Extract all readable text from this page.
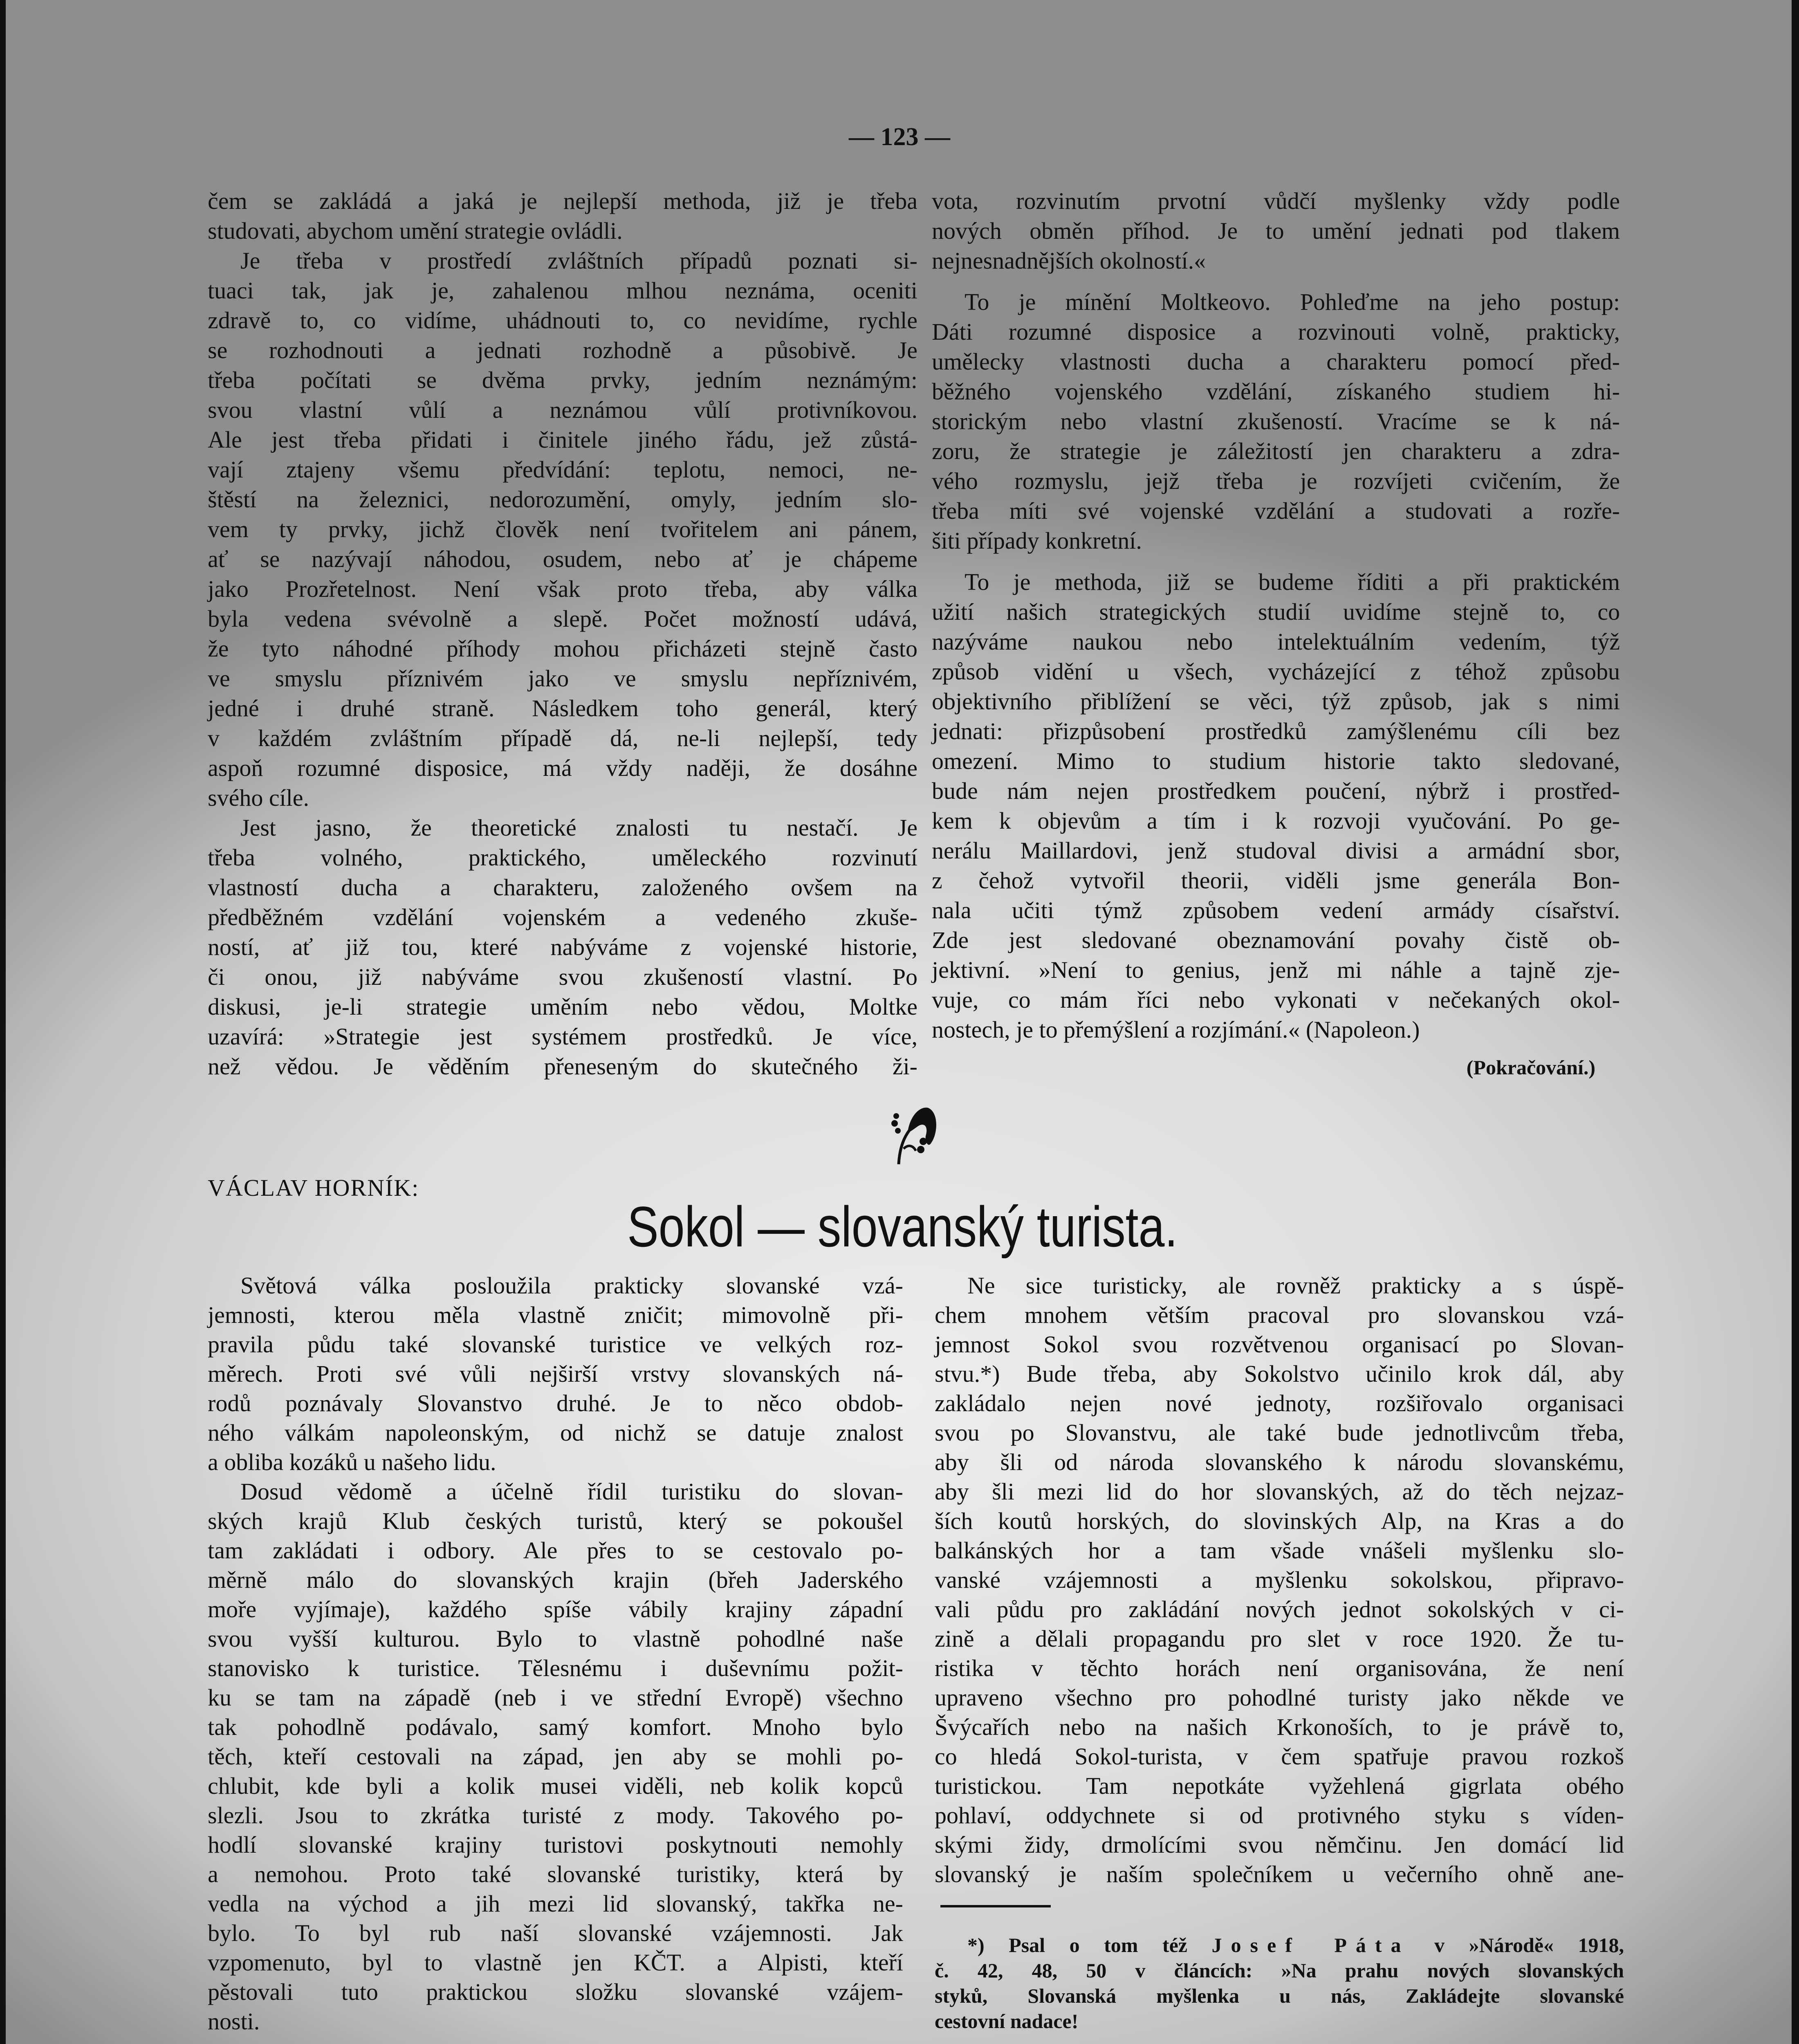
— 123 —
čem se zakládá a jaká je nejlepší methoda, již je třeba
studovati, abychom umění strategie ovládli.
Je třeba v prostředí zvláštních případů poznati si-
tuaci tak, jak je, zahalenou mlhou neznáma, oceniti
zdravě to, co vidíme, uhádnouti to, co nevidíme, rychle
se rozhodnouti a jednati rozhodně a působivě. Je
třeba počítati se dvěma prvky, jedním neznámým:
svou vlastní vůlí a neznámou vůlí protivníkovou.
Ale jest třeba přidati i činitele jiného řádu, jež zůstá-
vají ztajeny všemu předvídání: teplotu, nemoci, ne-
štěstí na železnici, nedorozumění, omyly, jedním slo-
vem ty prvky, jichž člověk není tvořitelem ani pánem,
ať se nazývají náhodou, osudem, nebo ať je chápeme
jako Prozřetelnost. Není však proto třeba, aby válka
byla vedena svévolně a slepě. Počet možností udává,
že tyto náhodné příhody mohou přicházeti stejně často
ve smyslu příznivém jako ve smyslu nepříznivém,
jedné i druhé straně. Následkem toho generál, který
v každém zvláštním případě dá, ne-li nejlepší, tedy
aspoň rozumné disposice, má vždy naději, že dosáhne
svého cíle.
Jest jasno, že theoretické znalosti tu nestačí. Je
třeba volného, praktického, uměleckého rozvinutí
vlastností ducha a charakteru, založeného ovšem na
předběžném vzdělání vojenském a vedeného zkuše-
ností, ať již tou, které nabýváme z vojenské historie,
či onou, již nabýváme svou zkušeností vlastní. Po
diskusi, je-li strategie uměním nebo vědou, Moltke
uzavírá: »Strategie jest systémem prostředků. Je více,
než vědou. Je věděním přeneseným do skutečného ži-
vota, rozvinutím prvotní vůdčí myšlenky vždy podle
nových obměn příhod. Je to umění jednati pod tlakem
nejnesnadnějších okolností.«
To je mínění Moltkeovo. Pohleďme na jeho postup:
Dáti rozumné disposice a rozvinouti volně, prakticky,
umělecky vlastnosti ducha a charakteru pomocí před-
běžného vojenského vzdělání, získaného studiem hi-
storickým nebo vlastní zkušeností. Vracíme se k ná-
zoru, že strategie je záležitostí jen charakteru a zdra-
vého rozmyslu, jejž třeba je rozvíjeti cvičením, že
třeba míti své vojenské vzdělání a studovati a rozře-
šiti případy konkretní.
To je methoda, již se budeme říditi a při praktickém
užití našich strategických studií uvidíme stejně to, co
nazýváme naukou nebo intelektuálním vedením, týž
způsob vidění u všech, vycházející z téhož způsobu
objektivního přiblížení se věci, týž způsob, jak s nimi
jednati: přizpůsobení prostředků zamýšlenému cíli bez
omezení. Mimo to studium historie takto sledované,
bude nám nejen prostředkem poučení, nýbrž i prostřed-
kem k objevům a tím i k rozvoji vyučování. Po ge-
nerálu Maillardovi, jenž studoval divisi a armádní sbor,
z čehož vytvořil theorii, viděli jsme generála Bon-
nala učiti týmž způsobem vedení armády císařství.
Zde jest sledované obeznamování povahy čistě ob-
jektivní. »Není to genius, jenž mi náhle a tajně zje-
vuje, co mám říci nebo vykonati v nečekaných okol-
nostech, je to přemýšlení a rozjímání.« (Napoleon.)
(Pokračování.)
VÁCLAV HORNÍK:
Sokol — slovanský turista.
Světová válka posloužila prakticky slovanské vzá-
jemnosti, kterou měla vlastně zničit; mimovolně při-
pravila půdu také slovanské turistice ve velkých roz-
měrech. Proti své vůli nejširší vrstvy slovanských ná-
rodů poznávaly Slovanstvo druhé. Je to něco obdob-
ného válkám napoleonským, od nichž se datuje znalost
a obliba kozáků u našeho lidu.
Dosud vědomě a účelně řídil turistiku do slovan-
ských krajů Klub českých turistů, který se pokoušel
tam zakládati i odbory. Ale přes to se cestovalo po-
měrně málo do slovanských krajin (břeh Jaderského
moře vyjímaje), každého spíše vábily krajiny západní
svou vyšší kulturou. Bylo to vlastně pohodlné naše
stanovisko k turistice. Tělesnému i duševnímu požit-
ku se tam na západě (neb i ve střední Evropě) všechno
tak pohodlně podávalo, samý komfort. Mnoho bylo
těch, kteří cestovali na západ, jen aby se mohli po-
chlubit, kde byli a kolik musei viděli, neb kolik kopců
slezli. Jsou to zkrátka turisté z mody. Takového po-
hodlí slovanské krajiny turistovi poskytnouti nemohly
a nemohou. Proto také slovanské turistiky, která by
vedla na východ a jih mezi lid slovanský, takřka ne-
bylo. To byl rub naší slovanské vzájemnosti. Jak
vzpomenuto, byl to vlastně jen KČT. a Alpisti, kteří
pěstovali tuto praktickou složku slovanské vzájem-
nosti.
Ne sice turisticky, ale rovněž prakticky a s úspě-
chem mnohem větším pracoval pro slovanskou vzá-
jemnost Sokol svou rozvětvenou organisací po Slovan-
stvu.*) Bude třeba, aby Sokolstvo učinilo krok dál, aby
zakládalo nejen nové jednoty, rozšiřovalo organisaci
svou po Slovanstvu, ale také bude jednotlivcům třeba,
aby šli od národa slovanského k národu slovanskému,
aby šli mezi lid do hor slovanských, až do těch nejzaz-
ších koutů horských, do slovinských Alp, na Kras a do
balkánských hor a tam všade vnášeli myšlenku slo-
vanské vzájemnosti a myšlenku sokolskou, připravo-
vali půdu pro zakládání nových jednot sokolských v ci-
zině a dělali propagandu pro slet v roce 1920. Že tu-
ristika v těchto horách není organisována, že není
upraveno všechno pro pohodlné turisty jako někde ve
Švýcařích nebo na našich Krkonoších, to je právě to,
co hledá Sokol-turista, v čem spatřuje pravou rozkoš
turistickou. Tam nepotkáte vyžehlená gigrlata obého
pohlaví, oddychnete si od protivného styku s víden-
skými židy, drmolícími svou němčinu. Jen domácí lid
slovanský je naším společníkem u večerního ohně ane-
*) Psal o tom též Josef Páta v »Národě« 1918,
č. 42, 48, 50 v článcích: »Na prahu nových slovanských
styků, Slovanská myšlenka u nás, Zakládejte slovanské
cestovní nadace!
